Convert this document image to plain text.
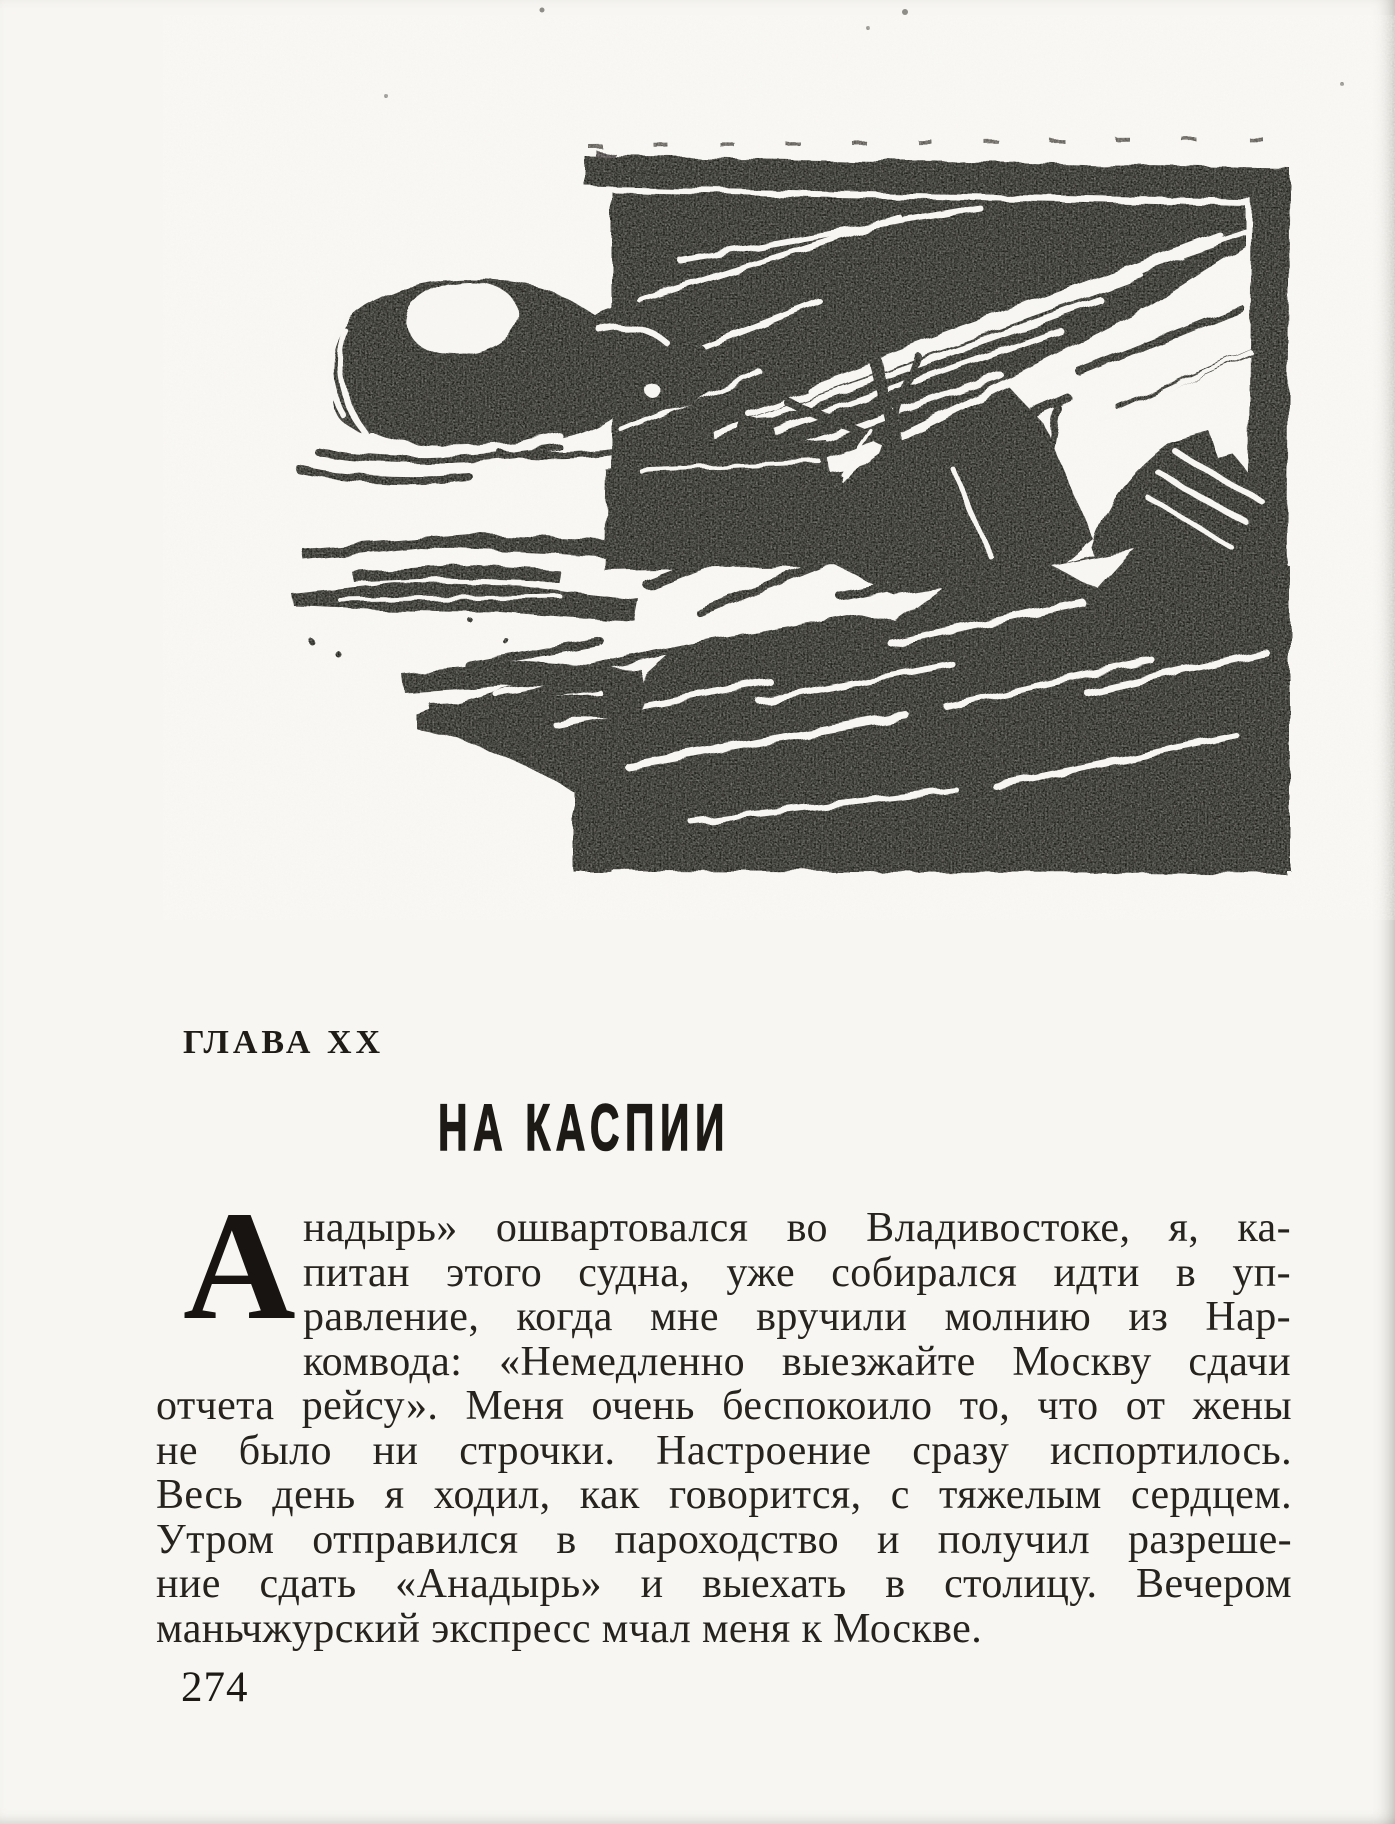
ГЛАВА XX
НА КАСПИИ
А надырь» ошвартовался во Владивостоке, я, ка-
питан этого судна, уже собирался идти в уп-
равление, когда мне вручили молнию из Нар-
комвода: «Немедленно выезжайте Москву сдачи
отчета рейсу». Меня очень беспокоило то, что от жены
не было ни строчки. Настроение сразу испортилось.
Весь день я ходил, как говорится, с тяжелым сердцем.
Утром отправился в пароходство и получил разреше-
ние сдать «Анадырь» и выехать в столицу. Вечером
маньчжурский экспресс мчал меня к Москве.
274
